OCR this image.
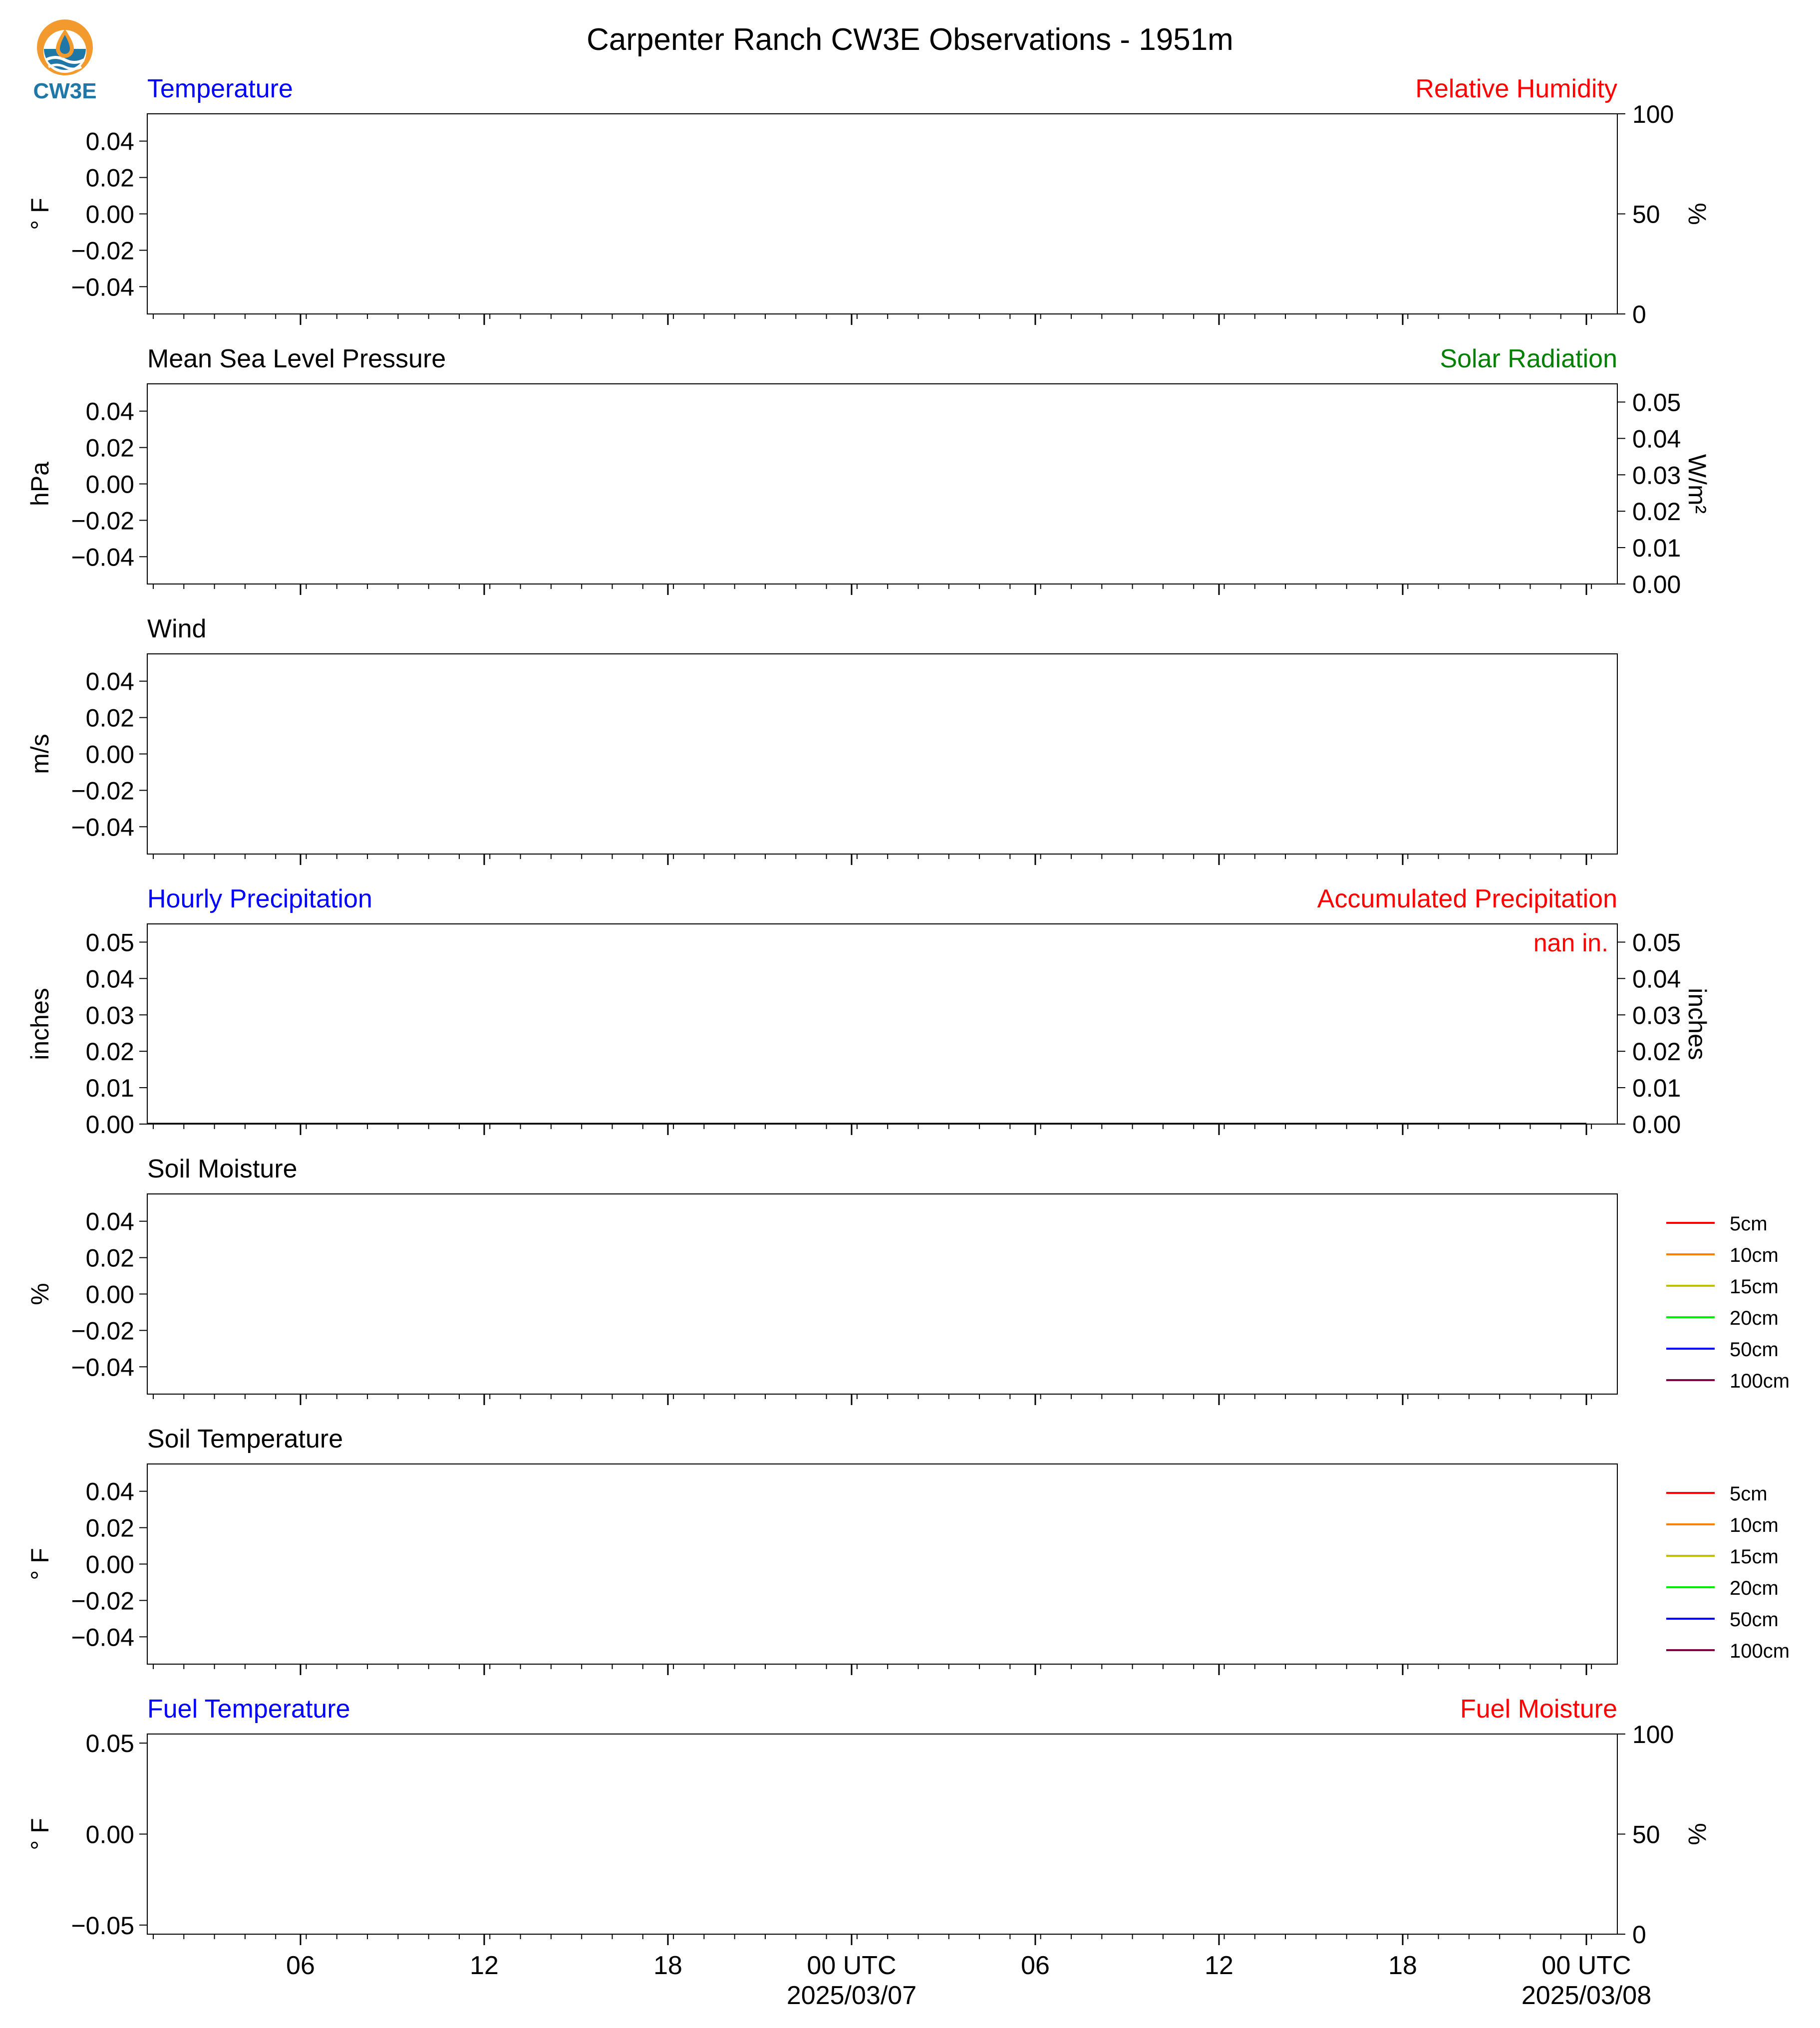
CW3E
Carpenter Ranch CW3E Observations - 1951m
Temperature	Relative Humidity
0.04
0.02
0.00
−0.02
−0.04
° F
100
50
0
%
Mean Sea Level Pressure	Solar Radiation
0.04
0.02
0.00
−0.02
−0.04
hPa
0.05
0.04
0.03
0.02
0.01
0.00
W/m²
Wind
0.04
0.02
0.00
−0.02
−0.04
m/s
Hourly Precipitation	Accumulated Precipitation
0.05
0.04
0.03
0.02
0.01
0.00
inches
0.05
0.04
0.03
0.02
0.01
0.00
inches
nan in.
Soil Moisture
0.04
0.02
0.00
−0.02
−0.04
%
5cm
10cm
15cm
20cm
50cm
100cm
Soil Temperature
0.04
0.02
0.00
−0.02
−0.04
° F
5cm
10cm
15cm
20cm
50cm
100cm
Fuel Temperature	Fuel Moisture
0.05
0.00
−0.05
° F
100
50
0
%
06	12	18	00 UTC
2025/03/07
06	12	18	00 UTC
2025/03/08
